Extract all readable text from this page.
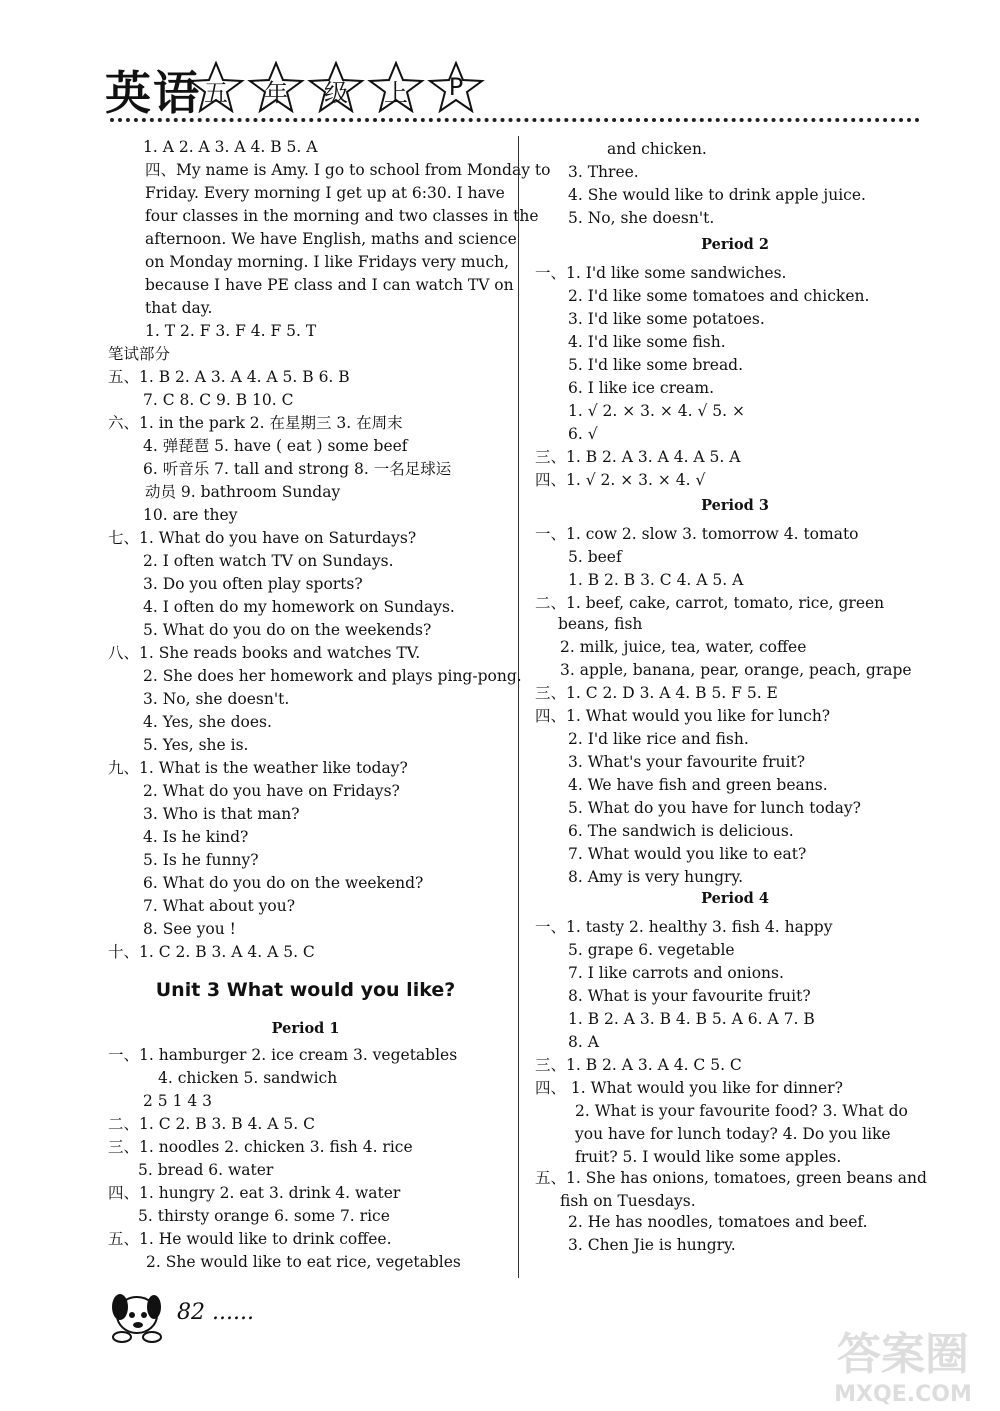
英语 五	年	级	上	P
1. A 2. A 3. A 4. B 5. A
四、My name is Amy. I go to school from Monday to
Friday. Every morning I get up at 6:30. I have
four classes in the morning and two classes in the
afternoon. We have English, maths and science
on Monday morning. I like Fridays very much,
because I have PE class and I can watch TV on
that day.
1. T 2. F 3. F 4. F 5. T
笔试部分
五、1. B 2. A 3. A 4. A 5. B 6. B
7. C 8. C 9. B 10. C
六、1. in the park 2. 在星期三 3. 在周末
4. 弹琵琶 5. have ( eat ) some beef
6. 听音乐 7. tall and strong 8. 一名足球运
动员 9. bathroom Sunday
10. are they
七、1. What do you have on Saturdays?
2. I often watch TV on Sundays.
3. Do you often play sports?
4. I often do my homework on Sundays.
5. What do you do on the weekends?
八、1. She reads books and watches TV.
2. She does her homework and plays ping-pong.
3. No, she doesn't.
4. Yes, she does.
5. Yes, she is.
九、1. What is the weather like today?
2. What do you have on Fridays?
3. Who is that man?
4. Is he kind?
5. Is he funny?
6. What do you do on the weekend?
7. What about you?
8. See you !
十、1. C 2. B 3. A 4. A 5. C
Unit 3 What would you like?
Period 1
一、1. hamburger 2. ice cream 3. vegetables
4. chicken 5. sandwich
2 5 1 4 3
二、1. C 2. B 3. B 4. A 5. C
三、1. noodles 2. chicken 3. fish 4. rice
5. bread 6. water
四、1. hungry 2. eat 3. drink 4. water
5. thirsty orange 6. some 7. rice
五、1. He would like to drink coffee.
2. She would like to eat rice, vegetables
and chicken.
3. Three.
4. She would like to drink apple juice.
5. No, she doesn't.
Period 2
一、1. I'd like some sandwiches.
2. I'd like some tomatoes and chicken.
3. I'd like some potatoes.
4. I'd like some fish.
5. I'd like some bread.
6. I like ice cream.
1. √ 2. × 3. × 4. √ 5. ×
6. √
三、1. B 2. A 3. A 4. A 5. A
四、1. √ 2. × 3. × 4. √
Period 3
一、1. cow 2. slow 3. tomorrow 4. tomato
5. beef
1. B 2. B 3. C 4. A 5. A
二、1. beef, cake, carrot, tomato, rice, green
beans, fish
2. milk, juice, tea, water, coffee
3. apple, banana, pear, orange, peach, grape
三、1. C 2. D 3. A 4. B 5. F 5. E
四、1. What would you like for lunch?
2. I'd like rice and fish.
3. What's your favourite fruit?
4. We have fish and green beans.
5. What do you have for lunch today?
6. The sandwich is delicious.
7. What would you like to eat?
8. Amy is very hungry.
Period 4
一、1. tasty 2. healthy 3. fish 4. happy
5. grape 6. vegetable
7. I like carrots and onions.
8. What is your favourite fruit?
1. B 2. A 3. B 4. B 5. A 6. A 7. B
8. A
三、1. B 2. A 3. A 4. C 5. C
四、 1. What would you like for dinner?
2. What is your favourite food? 3. What do
you have for lunch today? 4. Do you like
fruit? 5. I would like some apples.
五、1. She has onions, tomatoes, green beans and
fish on Tuesdays.
2. He has noodles, tomatoes and beef.
3. Chen Jie is hungry.
82 ......
答案圈
MXQE.COM
